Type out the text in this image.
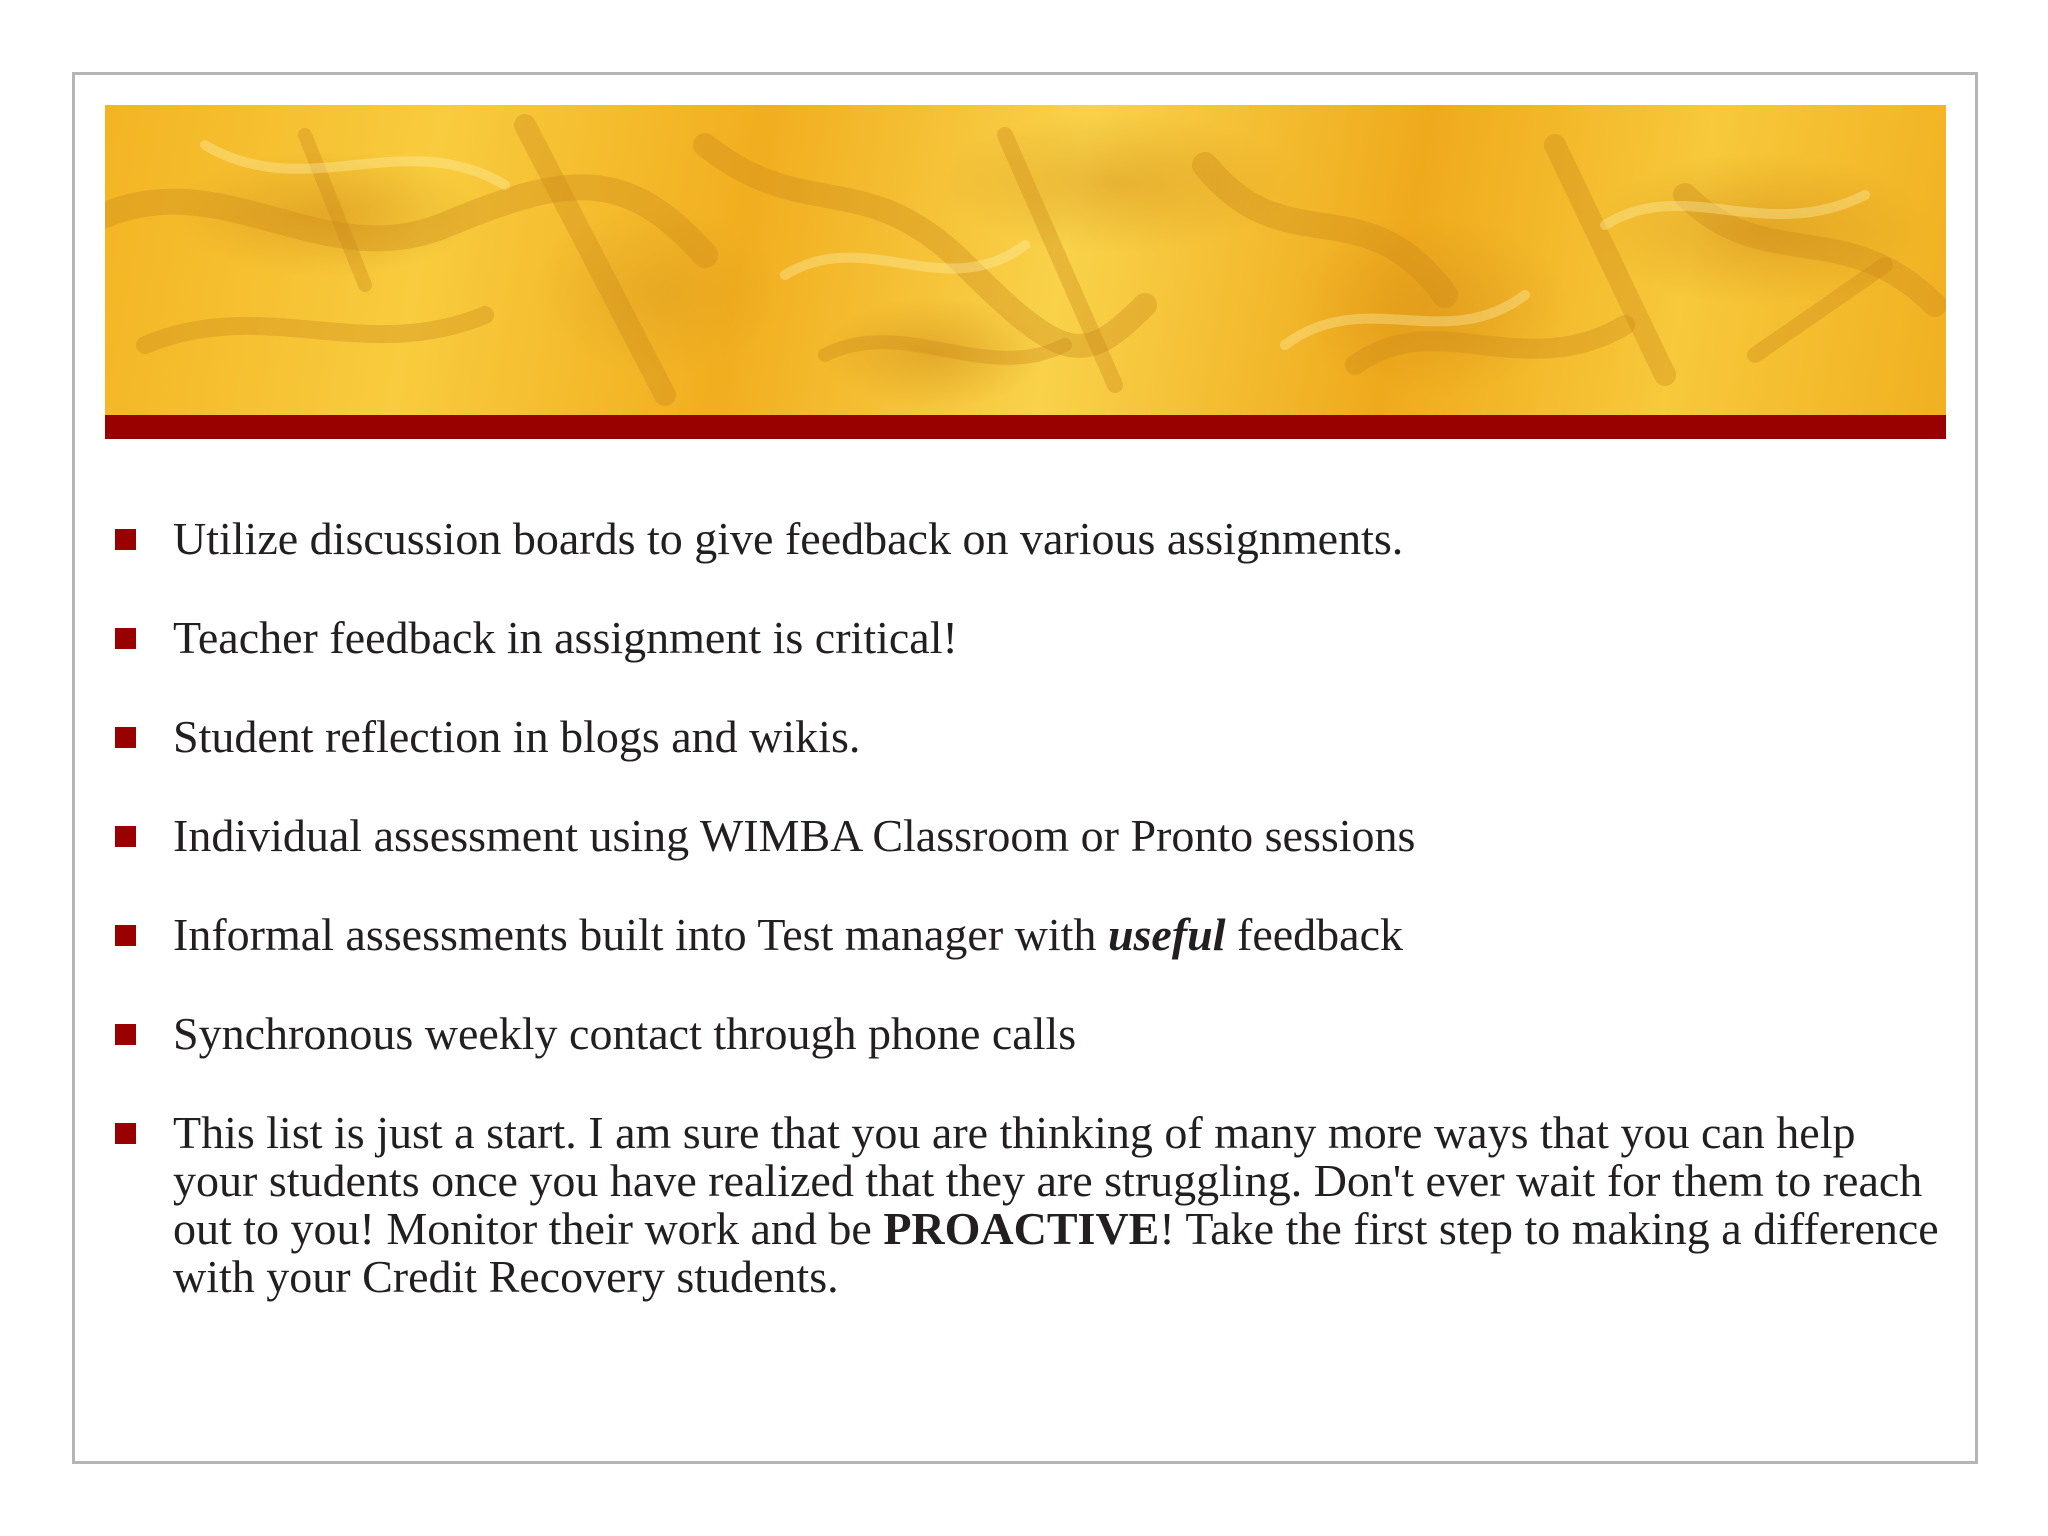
Utilize discussion boards to give feedback on various assignments.
Teacher feedback in assignment is critical!
Student reflection in blogs and wikis.
Individual assessment using WIMBA Classroom or Pronto sessions
Informal assessments built into Test manager with useful feedback
Synchronous weekly contact through phone calls
This list is just a start. I am sure that you are thinking of many more ways that you can help your students once you have realized that they are struggling. Don't ever wait for them to reach out to you! Monitor their work and be PROACTIVE! Take the first step to making a difference with your Credit Recovery students.
